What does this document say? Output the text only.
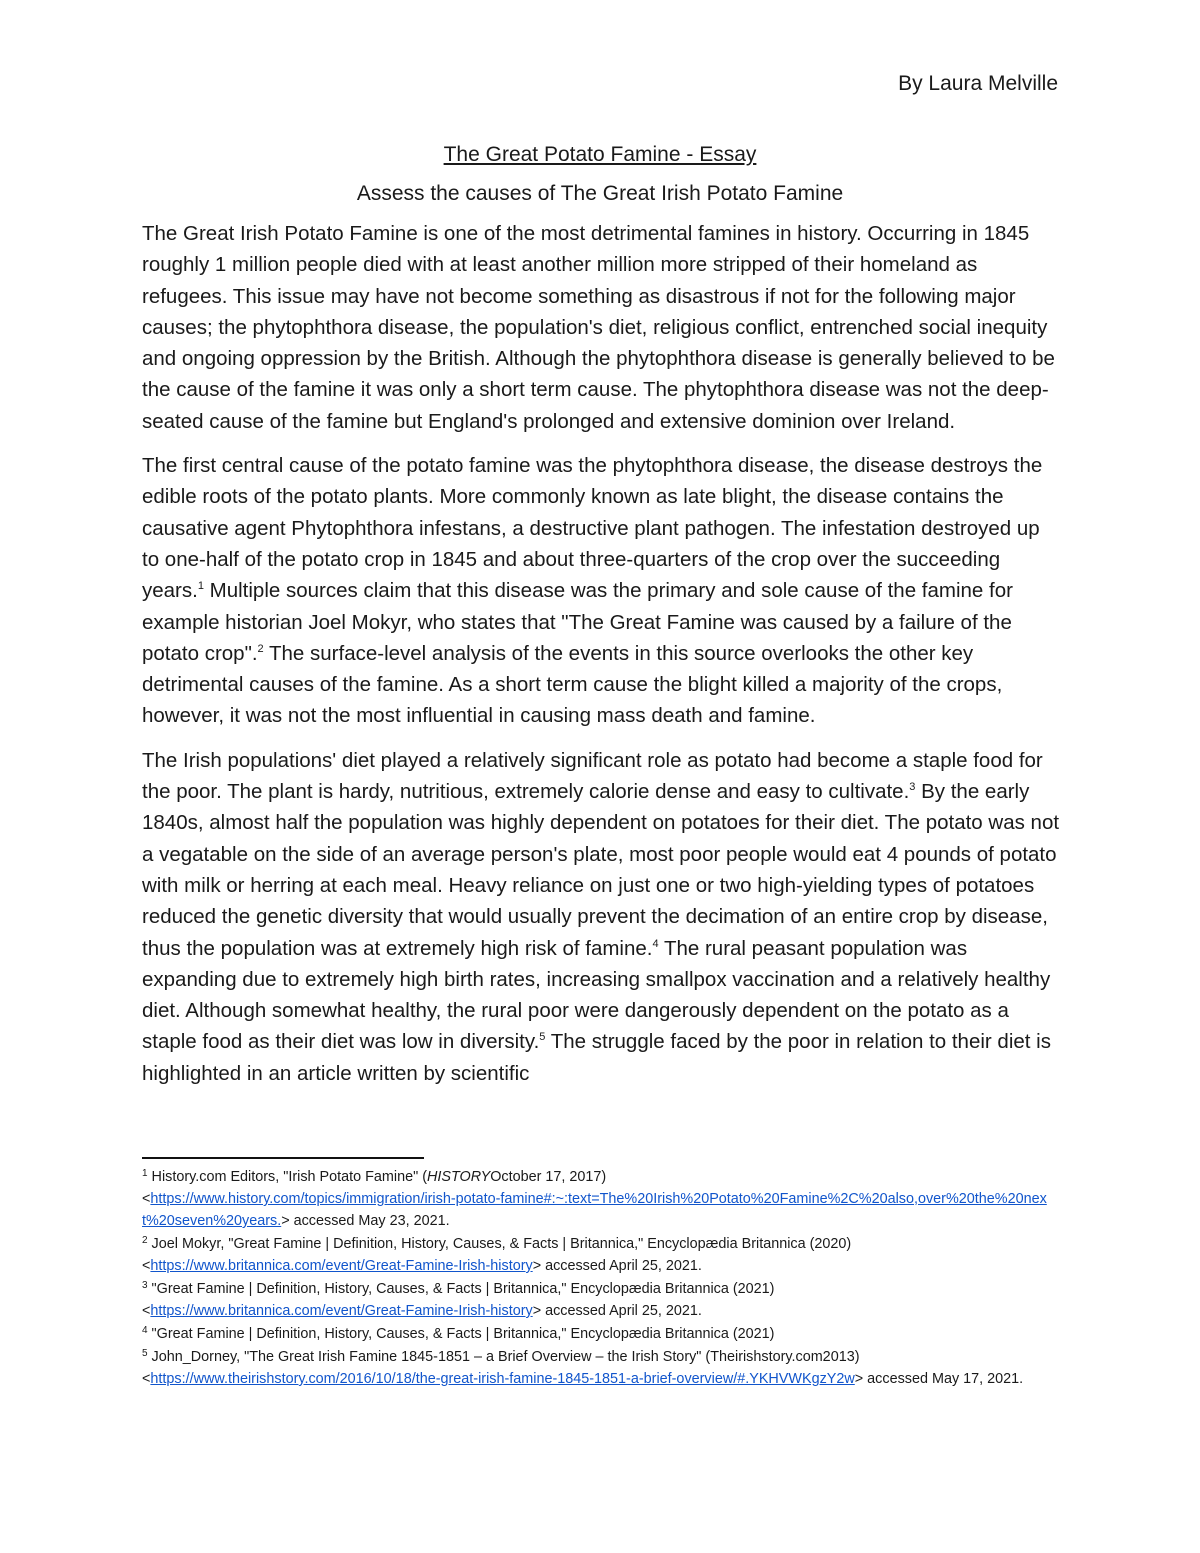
By Laura Melville
The Great Potato Famine - Essay
Assess the causes of The Great Irish Potato Famine

The Great Irish Potato Famine is one of the most detrimental famines in history. Occurring in 1845 roughly 1 million people died with at least another million more stripped of their homeland as refugees. This issue may have not become something as disastrous if not for the following major causes; the phytophthora disease, the population's diet, religious conflict, entrenched social inequity and ongoing oppression by the British. Although the phytophthora disease is generally believed to be the cause of the famine it was only a short term cause. The phytophthora disease was not the deep-seated cause of the famine but England's prolonged and extensive dominion over Ireland.

The first central cause of the potato famine was the phytophthora disease, the disease destroys the edible roots of the potato plants. More commonly known as late blight, the disease contains the causative agent Phytophthora infestans, a destructive plant pathogen. The infestation destroyed up to one-half of the potato crop in 1845 and about three-quarters of the crop over the succeeding years.$^1$ Multiple sources claim that this disease was the primary and sole cause of the famine for example historian Joel Mokyr, who states that "The Great Famine was caused by a failure of the potato crop".$^2$ The surface-level analysis of the events in this source overlooks the other key detrimental causes of the famine. As a short term cause the blight killed a majority of the crops, however, it was not the most influential in causing mass death and famine.

The Irish populations' diet played a relatively significant role as potato had become a staple food for the poor. The plant is hardy, nutritious, extremely calorie dense and easy to cultivate.$^3$ By the early 1840s, almost half the population was highly dependent on potatoes for their diet. The potato was not a vegatable on the side of an average person's plate, most poor people would eat 4 pounds of potato with milk or herring at each meal. Heavy reliance on just one or two high-yielding types of potatoes reduced the genetic diversity that would usually prevent the decimation of an entire crop by disease, thus the population was at extremely high risk of famine.$^4$ The rural peasant population was expanding due to extremely high birth rates, increasing smallpox vaccination and a relatively healthy diet. Although somewhat healthy, the rural poor were dangerously dependent on the potato as a staple food as their diet was low in diversity.$^5$ The struggle faced by the poor in relation to their diet is highlighted in an article written by scientific

$^1$ History.com Editors, "Irish Potato Famine" (HISTORYOctober 17, 2017)
<https://www.history.com/topics/immigration/irish-potato-famine#:~:text=The%20Irish%20Potato%20Famine%2C%20also,over%20the%20next%20seven%20years.> accessed May 23, 2021.
$^2$ Joel Mokyr, "Great Famine | Definition, History, Causes, & Facts | Britannica," Encyclopædia Britannica (2020)
<https://www.britannica.com/event/Great-Famine-Irish-history> accessed April 25, 2021.
$^3$ "Great Famine | Definition, History, Causes, & Facts | Britannica," Encyclopædia Britannica (2021)
<https://www.britannica.com/event/Great-Famine-Irish-history> accessed April 25, 2021.
$^4$ "Great Famine | Definition, History, Causes, & Facts | Britannica," Encyclopædia Britannica (2021)
$^5$ John_Dorney, "The Great Irish Famine 1845-1851 – a Brief Overview – the Irish Story" (Theirishstory.com2013)
<https://www.theirishstory.com/2016/10/18/the-great-irish-famine-1845-1851-a-brief-overview/#.YKHVWKgzY2w> accessed May 17, 2021.
